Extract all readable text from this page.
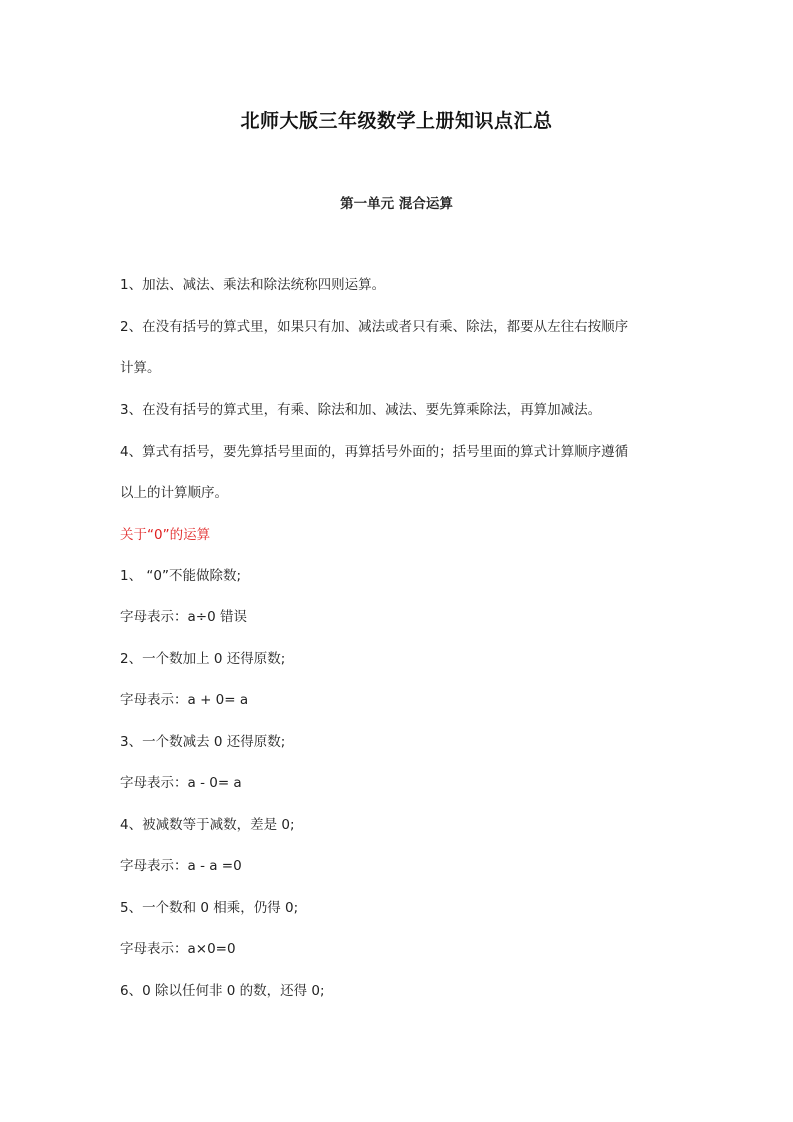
北师大版三年级数学上册知识点汇总
第一单元 混合运算
1、加法、减法、乘法和除法统称四则运算。
2、在没有括号的算式里，如果只有加、减法或者只有乘、除法，都要从左往右按顺序
计算。
3、在没有括号的算式里，有乘、除法和加、减法、要先算乘除法，再算加减法。
4、算式有括号，要先算括号里面的，再算括号外面的；括号里面的算式计算顺序遵循
以上的计算顺序。
关于“0”的运算
1、 “0”不能做除数;
字母表示：a÷0 错误
2、一个数加上 0 还得原数;
字母表示：a + 0= a
3、一个数减去 0 还得原数;
字母表示：a - 0= a
4、被减数等于减数，差是 0;
字母表示：a - a =0
5、一个数和 0 相乘，仍得 0;
字母表示：a×0=0
6、0 除以任何非 0 的数，还得 0;
